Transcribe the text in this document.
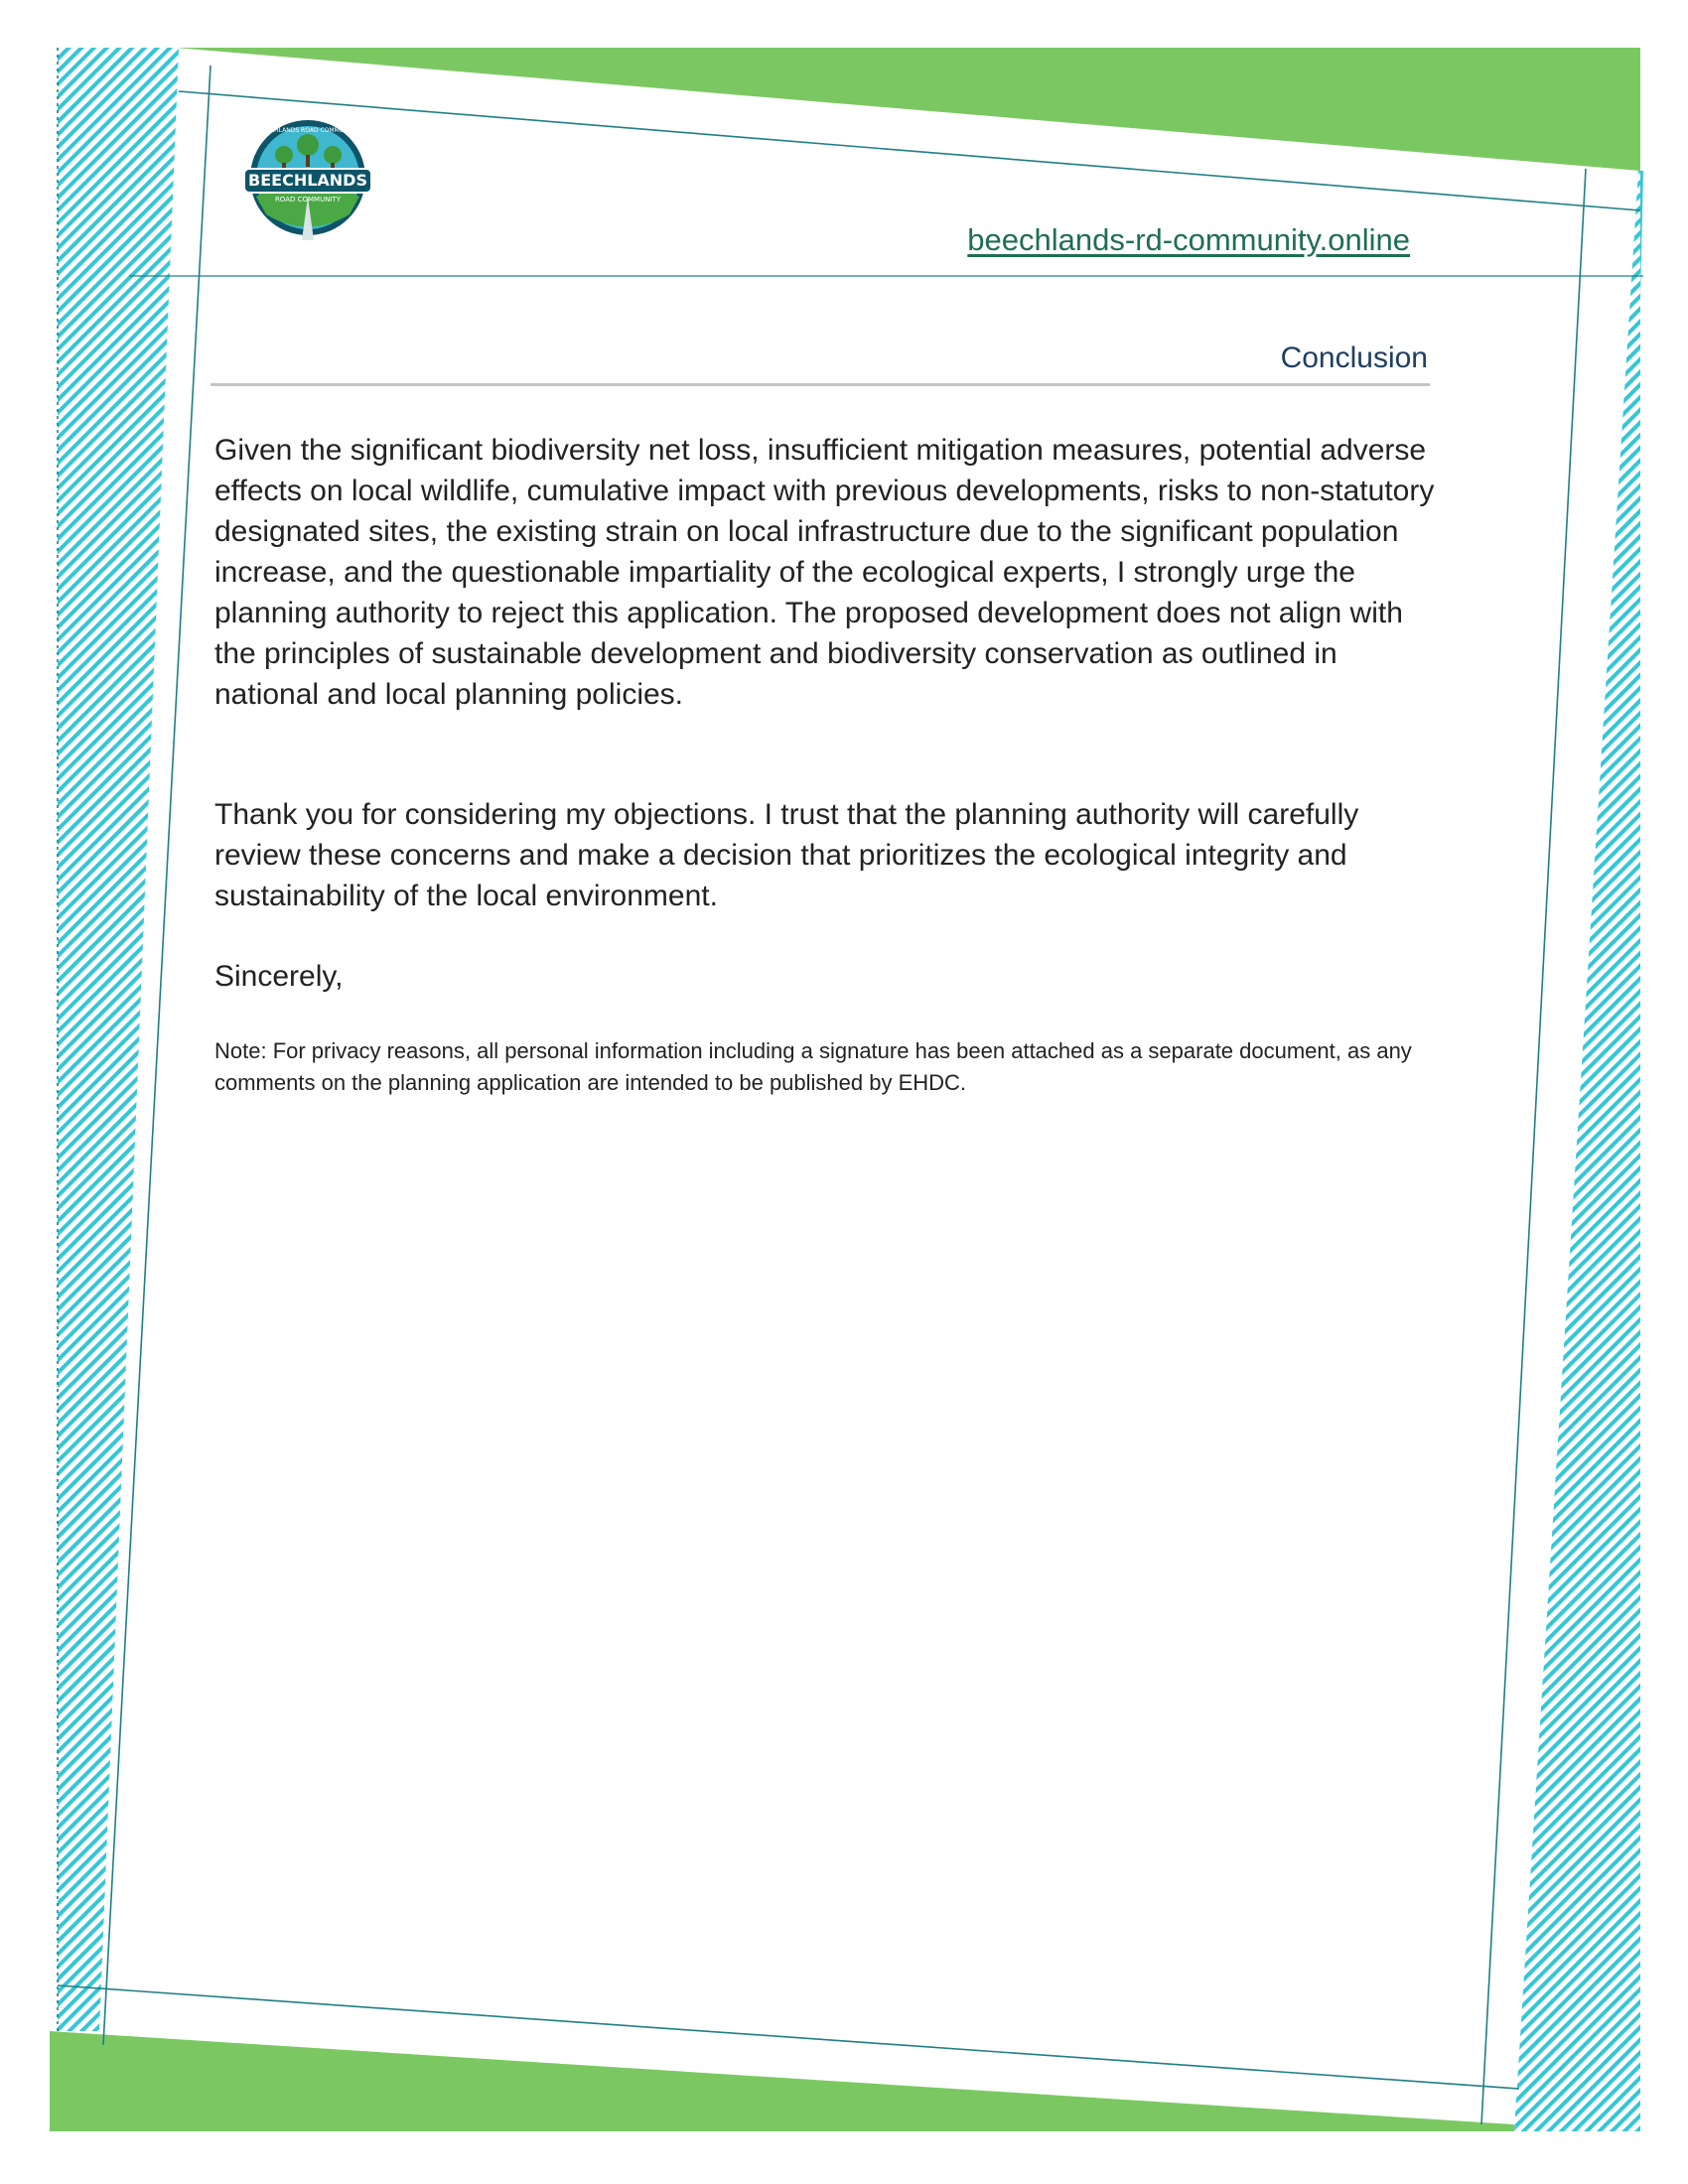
BEECHLANDS
ROAD COMMUNITY
BEECHLANDS ROAD COMMUNITY
beechlands-rd-community.online
Conclusion

Given the significant biodiversity net loss, insufficient mitigation measures, potential adverse effects on local wildlife, cumulative impact with previous developments, risks to non-statutory designated sites, the existing strain on local infrastructure due to the significant population increase, and the questionable impartiality of the ecological experts, I strongly urge the planning authority to reject this application. The proposed development does not align with the principles of sustainable development and biodiversity conservation as outlined in national and local planning policies.

Thank you for considering my objections. I trust that the planning authority will carefully review these concerns and make a decision that prioritizes the ecological integrity and sustainability of the local environment.

Sincerely,

Note: For privacy reasons, all personal information including a signature has been attached as a separate document, as any comments on the planning application are intended to be published by EHDC.
